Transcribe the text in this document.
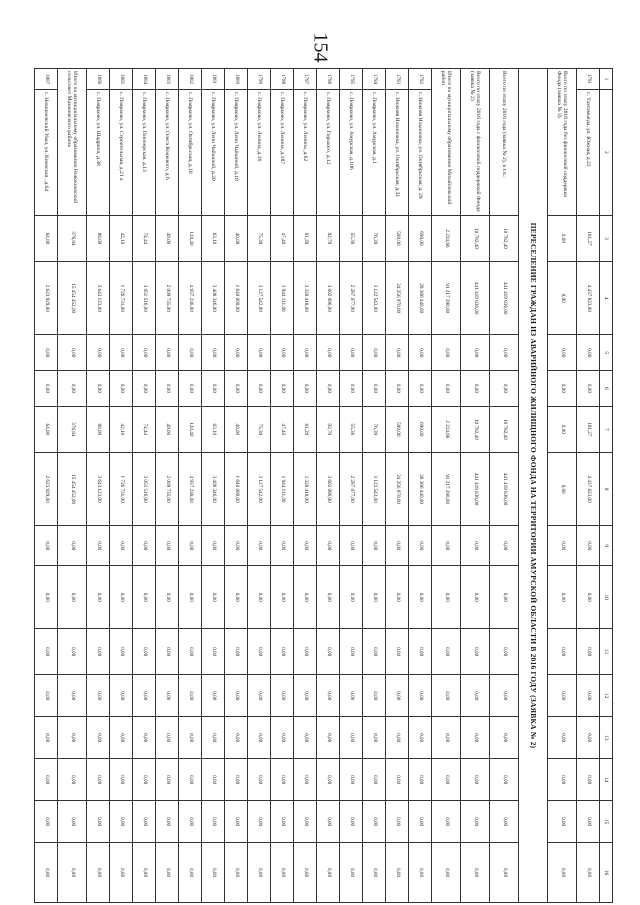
154
1	2	3	4	5	6	7	8	9	10	11	12	13	14	15	16
1791	с. Тахтамыгда, ул. Южная, д.22	181,27	4 437 823,00	0,00	0,00	181,27	4 437 823,00	0,00	0,00	0,00	0,00	0,00	0,00	0,00	0,00
Всего по этапу 2016 года без финансовой поддержки Фонда (заявка № 3)		0,00	0,00	0,00	0,00	0,00	0,00	0,00	0,00	0,00	0,00	0,00	0,00	0,00	0,00
ПЕРЕСЕЛЕНИЕ ГРАЖДАН ИЗ АВАРИЙНОГО ЖИЛИЩНОГО ФОНДА НА ТЕРРИТОРИИ АМУРСКОЙ ОБЛАСТИ В 2016 ГОДУ (ЗАЯВКА № 2)															
Всего по этапу 2016 года (заявка № 2), в т.ч.:		10 782,40	441 419 836,00	0,00	0,00	10 782,40	441 419 836,00	0,00	0,00	0,00	0,00	0,00	0,00	0,00	0,00
Всего по этапу 2016 года с финансовой поддержкой Фонда (заявка № 2)		10 782,40	441 419 836,00	0,00	0,00	10 782,40	441 419 836,00	0,00	0,00	0,00	0,00	0,00	0,00	0,00	0,00
Итого по муниципальному образованию Михайловский район		2 224,66	91 217 390,00	0,00	0,00	2 224,66	91 217 390,00	0,00	0,00	0,00	0,00	0,00	0,00	0,00	0,00
1792	с. Нижняя Ильиновка, ул. Октябрьская, д. 29	690,00	28 366 440,00	0,00	0,00	690,00	28 366 440,00	0,00	0,00	0,00	0,00	0,00	0,00	0,00	0,00
1793	с. Нижняя Ильиновка, ул. Октябрьская, д.31	590,00	24 256 970,00	0,00	0,00	590,00	24 256 970,00	0,00	0,00	0,00	0,00	0,00	0,00	0,00	0,00
1794	с. Поярково, ул. Амурская, д.1	76,39	3 122 543,00	0,00	0,00	76,39	3 122 543,00	0,00	0,00	0,00	0,00	0,00	0,00	0,00	0,00
1795	с. Поярково, ул. Амурская, д.106	55,38	2 287 077,00	0,00	0,00	55,38	2 287 077,00	0,00	0,00	0,00	0,00	0,00	0,00	0,00	0,00
1796	с. Поярково, ул. Горького, д.12	92,79	3 802 096,00	0,00	0,00	92,79	3 802 096,00	0,00	0,00	0,00	0,00	0,00	0,00	0,00	0,00
1797	с. Поярково, ул. Ленина, д.62	81,29	3 328 418,00	0,00	0,00	81,29	3 328 418,00	0,00	0,00	0,00	0,00	0,00	0,00	0,00	0,00
1798	с. Поярково, ул. Ленина, д.187	47,40	1 944 111,00	0,00	0,00	47,40	1 944 111,00	0,00	0,00	0,00	0,00	0,00	0,00	0,00	0,00
1799	с. Поярково, ул. Ленина, д.16	75,39	3 127 542,00	0,00	0,00	75,39	3 127 542,00	0,00	0,00	0,00	0,00	0,00	0,00	0,00	0,00
1800	с. Поярково, ул. Лени Чайкиной, д.18	40,00	1 640 000,00	0,00	0,00	40,00	1 640 000,00	0,00	0,00	0,00	0,00	0,00	0,00	0,00	0,00
1801	с. Поярково, ул. Лени Чайкиной, д.20	83,10	3 408 346,00	0,00	0,00	83,10	3 408 346,00	0,00	0,00	0,00	0,00	0,00	0,00	0,00	0,00
1802	с. Поярково, ул. Октябрьская, д.10	120,40	4 937 236,00	0,00	0,00	120,40	4 937 236,00	0,00	0,00	0,00	0,00	0,00	0,00	0,00	0,00
1803	с. Поярково, ул. Олега Кошевого, д.6	49,00	2 009 735,00	0,00	0,00	49,00	2 009 735,00	0,00	0,00	0,00	0,00	0,00	0,00	0,00	0,00
1804	с. Поярково, ул. Пионерская, д.13	74,44	3 051 516,00	0,00	0,00	74,44	3 051 516,00	0,00	0,00	0,00	0,00	0,00	0,00	0,00	0,00
1805	с. Поярково, ул. Строительная, д.21 а	42,10	1 726 731,00	0,00	0,00	42,10	1 726 731,00	0,00	0,00	0,00	0,00	0,00	0,00	0,00	0,00
1806	с. Поярково, ул. Шадрина, д.38	88,00	3 643 123,00	0,00	0,00	88,00	3 643 123,00	0,00	0,00	0,00	0,00	0,00	0,00	0,00	0,00
Итого по муниципальному образованию Новокиевский сельсовет Мазановского района		376,84	15 454 452,00	0,00	0,00	376,84	15 454 452,00	0,00	0,00	0,00	0,00	0,00	0,00	0,00	0,00
1807	с. Новокиевский Увал, ул. Киевская , д.64	64,00	2 623 929,00	0,00	0,00	64,00	2 623 929,00	0,00	0,00	0,00	0,00	0,00	0,00	0,00	0,00
